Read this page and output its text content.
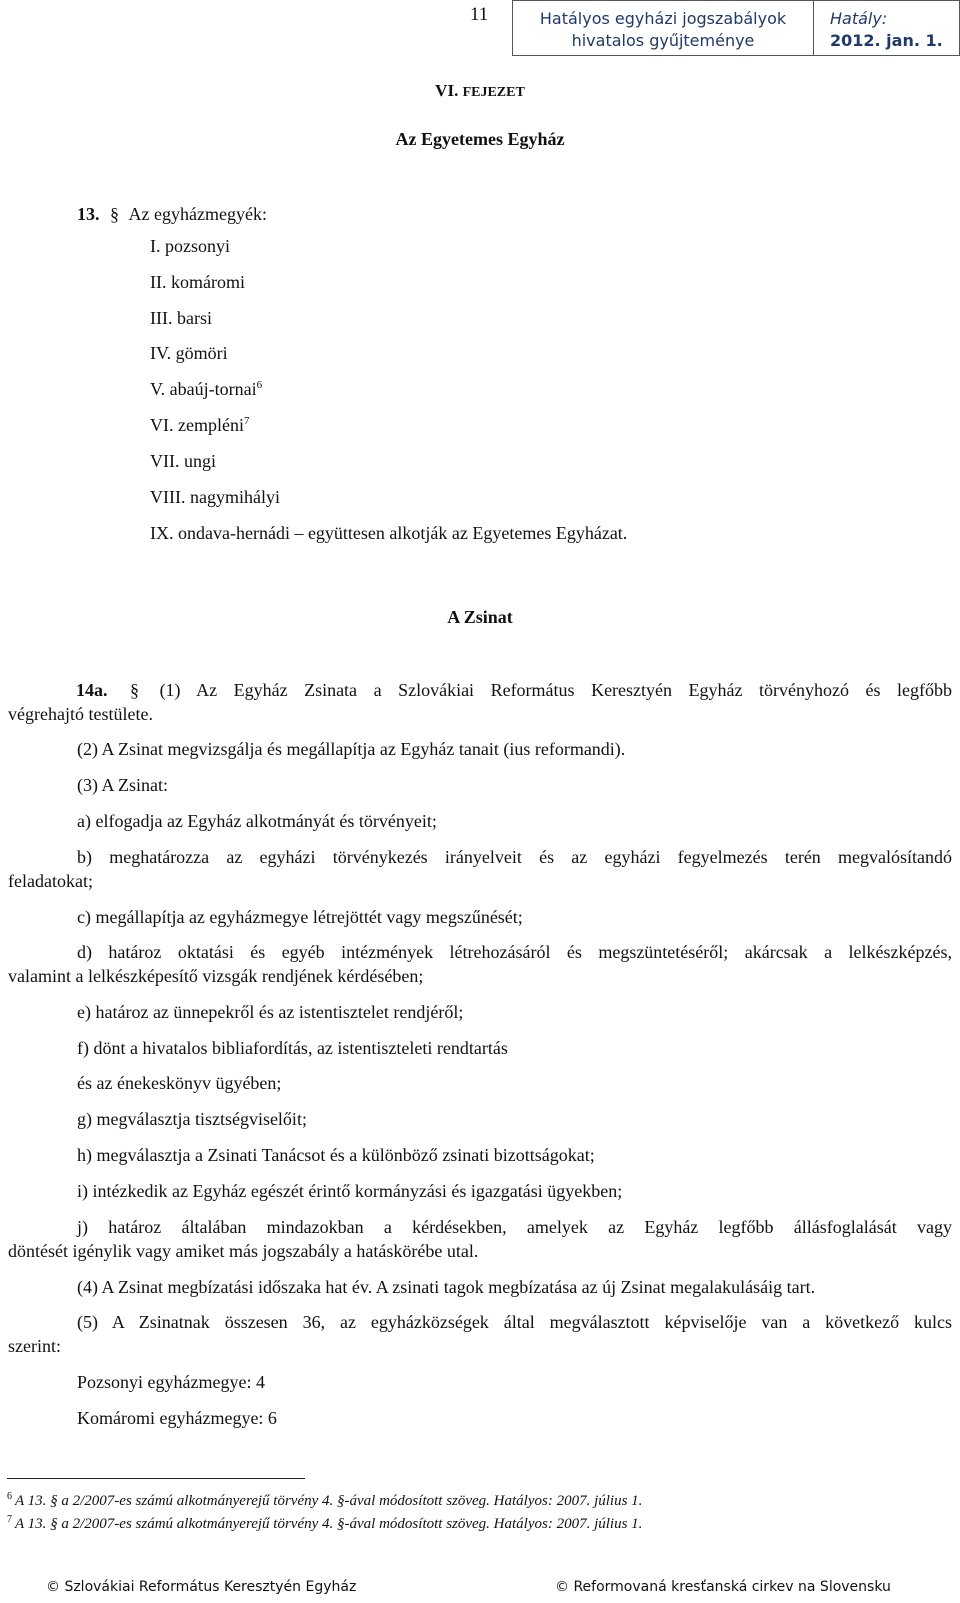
11	Hatályos egyházi jogszabályok
hivatalos gyűjteménye
Hatály:
2012. jan. 1.
VI. FEJEZET
Az Egyetemes Egyház
13. § Az egyházmegyék:
I. pozsonyi
II. komáromi
III. barsi
IV. gömöri
V. abaúj-tornai$^6$
VI. zempléni$^7$
VII. ungi
VIII. nagymihályi
IX. ondava-hernádi – együttesen alkotják az Egyetemes Egyházat.
A Zsinat
14a. § (1) Az Egyház Zsinata a Szlovákiai Református Keresztyén Egyház törvényhozó és legfőbb
végrehajtó testülete.
(2) A Zsinat megvizsgálja és megállapítja az Egyház tanait (ius reformandi).
(3) A Zsinat:
a) elfogadja az Egyház alkotmányát és törvényeit;
b) meghatározza az egyházi törvénykezés irányelveit és az egyházi fegyelmezés terén megvalósítandó
feladatokat;
c) megállapítja az egyházmegye létrejöttét vagy megszűnését;
d) határoz oktatási és egyéb intézmények létrehozásáról és megszüntetéséről; akárcsak a lelkészképzés,
valamint a lelkészképesítő vizsgák rendjének kérdésében;
e) határoz az ünnepekről és az istentisztelet rendjéről;
f) dönt a hivatalos bibliafordítás, az istentiszteleti rendtartás
és az énekeskönyv ügyében;
g) megválasztja tisztségviselőit;
h) megválasztja a Zsinati Tanácsot és a különböző zsinati bizottságokat;
i) intézkedik az Egyház egészét érintő kormányzási és igazgatási ügyekben;
j) határoz általában mindazokban a kérdésekben, amelyek az Egyház legfőbb állásfoglalását vagy
döntését igénylik vagy amiket más jogszabály a hatáskörébe utal.
(4) A Zsinat megbízatási időszaka hat év. A zsinati tagok megbízatása az új Zsinat megalakulásáig tart.
(5) A Zsinatnak összesen 36, az egyházközségek által megválasztott képviselője van a következő kulcs
szerint:
Pozsonyi egyházmegye: 4
Komáromi egyházmegye: 6
$^6$ A 13. § a 2/2007-es számú alkotmányerejű törvény 4. §-ával módosított szöveg. Hatályos: 2007. július 1.
$^7$ A 13. § a 2/2007-es számú alkotmányerejű törvény 4. §-ával módosított szöveg. Hatályos: 2007. július 1.
© Szlovákiai Református Keresztyén Egyház	© Reformovaná kresťanská cirkev na Slovensku
